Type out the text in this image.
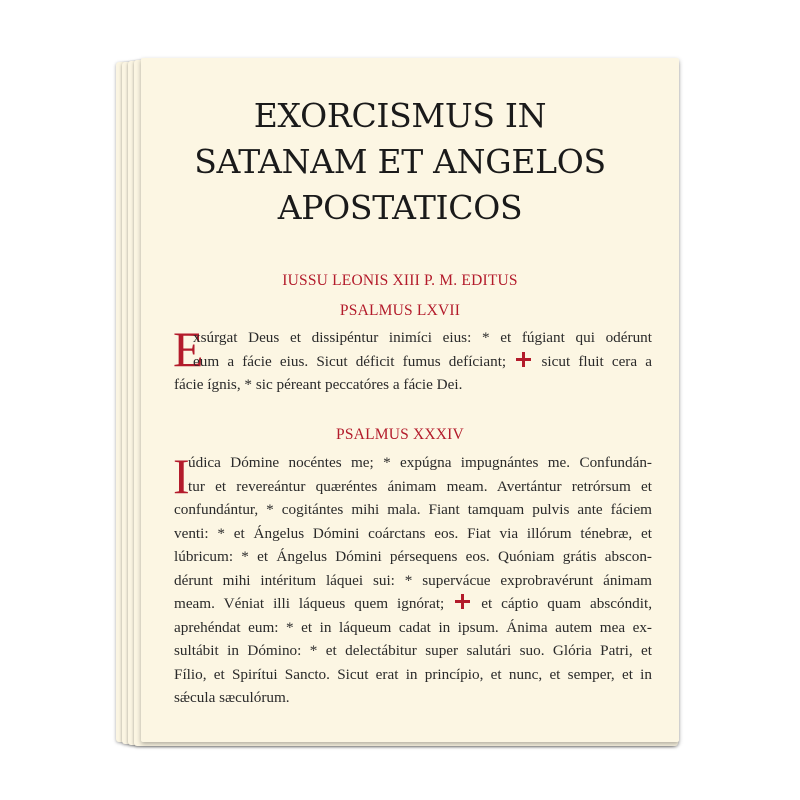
EXORCISMUS IN
SATANAM ET ANGELOS
APOSTATICOS
IUSSU LEONIS XIII P. M. EDITUS
PSALMUS LXVII
E
xsúrgat Deus et dissipéntur inimíci eius: * et fúgiant qui odérunt
eum a fácie eius. Sicut déficit fumus defíciant; sicut fluit cera a
fácie ígnis, * sic péreant peccatóres a fácie Dei.
PSALMUS XXXIV
I
údica Dómine nocéntes me; * expúgna impugnántes me. Confundán-
tur et revereántur quæréntes ánimam meam. Avertántur retrórsum et
confundántur, * cogitántes mihi mala. Fiant tamquam pulvis ante fáciem
venti: * et Ángelus Dómini coárctans eos. Fiat via illórum ténebræ, et
lúbricum: * et Ángelus Dómini pérsequens eos. Quóniam grátis abscon-
dérunt mihi intéritum láquei sui: * supervácue exprobravérunt ánimam
meam. Véniat illi láqueus quem ignórat; et cáptio quam abscóndit,
aprehéndat eum: * et in láqueum cadat in ipsum. Ánima autem mea ex-
sultábit in Dómino: * et delectábitur super salutári suo. Glória Patri, et
Fílio, et Spirítui Sancto. Sicut erat in princípio, et nunc, et semper, et in
sǽcula sæculórum.
